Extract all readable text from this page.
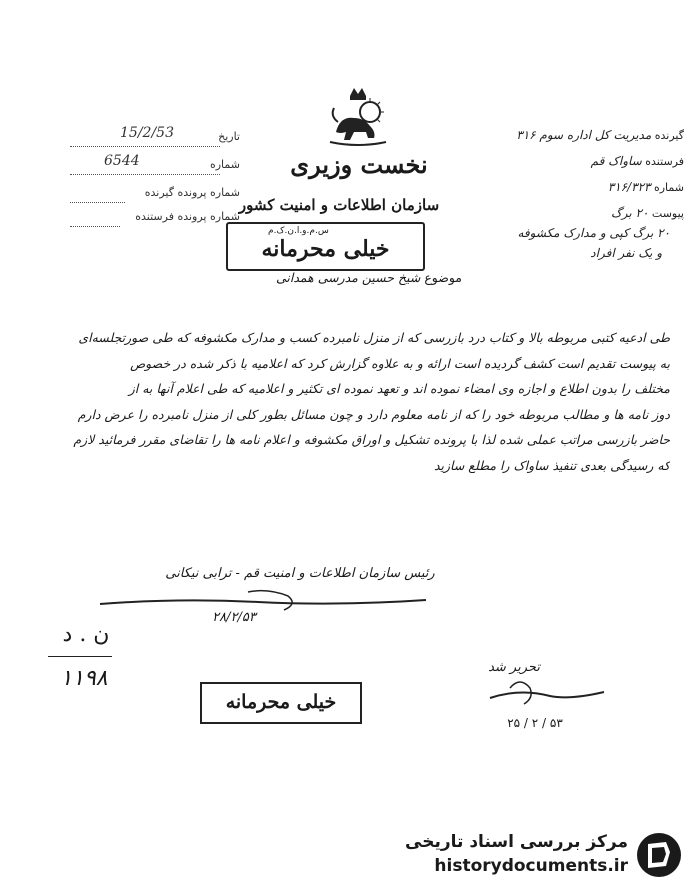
نخست وزیری
سازمان اطلاعات و امنیت کشور
س.م.و.ا.ن.ک.م
خیلی محرمانه
موضوع شیخ حسین مدرسی همدانی
تاریخ
15/2/53
شماره
6544
شماره پرونده گیرنده
شماره پرونده فرستنده
گیرنده مدیریت کل اداره سوم ۳۱۶
فرستنده ساواک قم
شماره ۳۱۶/۳۲۳
پیوست ۲۰ برگ
۲۰ برگ کپی و مدارک مکشوفه
و یک نفر افراد
طی ادعیه کتبی مربوطه بالا و کتاب درد بازرسی که از منزل نامبرده کسب و مدارک مکشوفه که طی صورتجلسه‌ای
به پیوست تقدیم است کشف گردیده است ارائه و به علاوه گزارش کرد که اعلامیه با ذکر شده در خصوص
مختلف را بدون اطلاع و اجازه وی امضاء نموده اند و تعهد نموده ای تکثیر و اعلامیه که طی اعلام آنها به از
دوز نامه ها و مطالب مربوطه خود را که از نامه معلوم دارد و چون مسائل بطور کلی از منزل نامبرده را عرض دارم
حاضر بازرسی مراتب عملی شده لذا با پرونده تشکیل و اوراق مکشوفه و اعلام نامه ها را تقاضای مقرر فرمائید لازم
که رسیدگی بعدی تنفیذ ساواک را مطلع سازید
رئیس سازمان اطلاعات و امنیت قم - ترابی نیکانی
۲۸/۲/۵۳
ن . د
۱۱۹۸
خیلی محرمانه
تحریر شد
۲۵ / ۲ / ۵۳
مرکز بررسی اسناد تاریخی
historydocuments.ir
